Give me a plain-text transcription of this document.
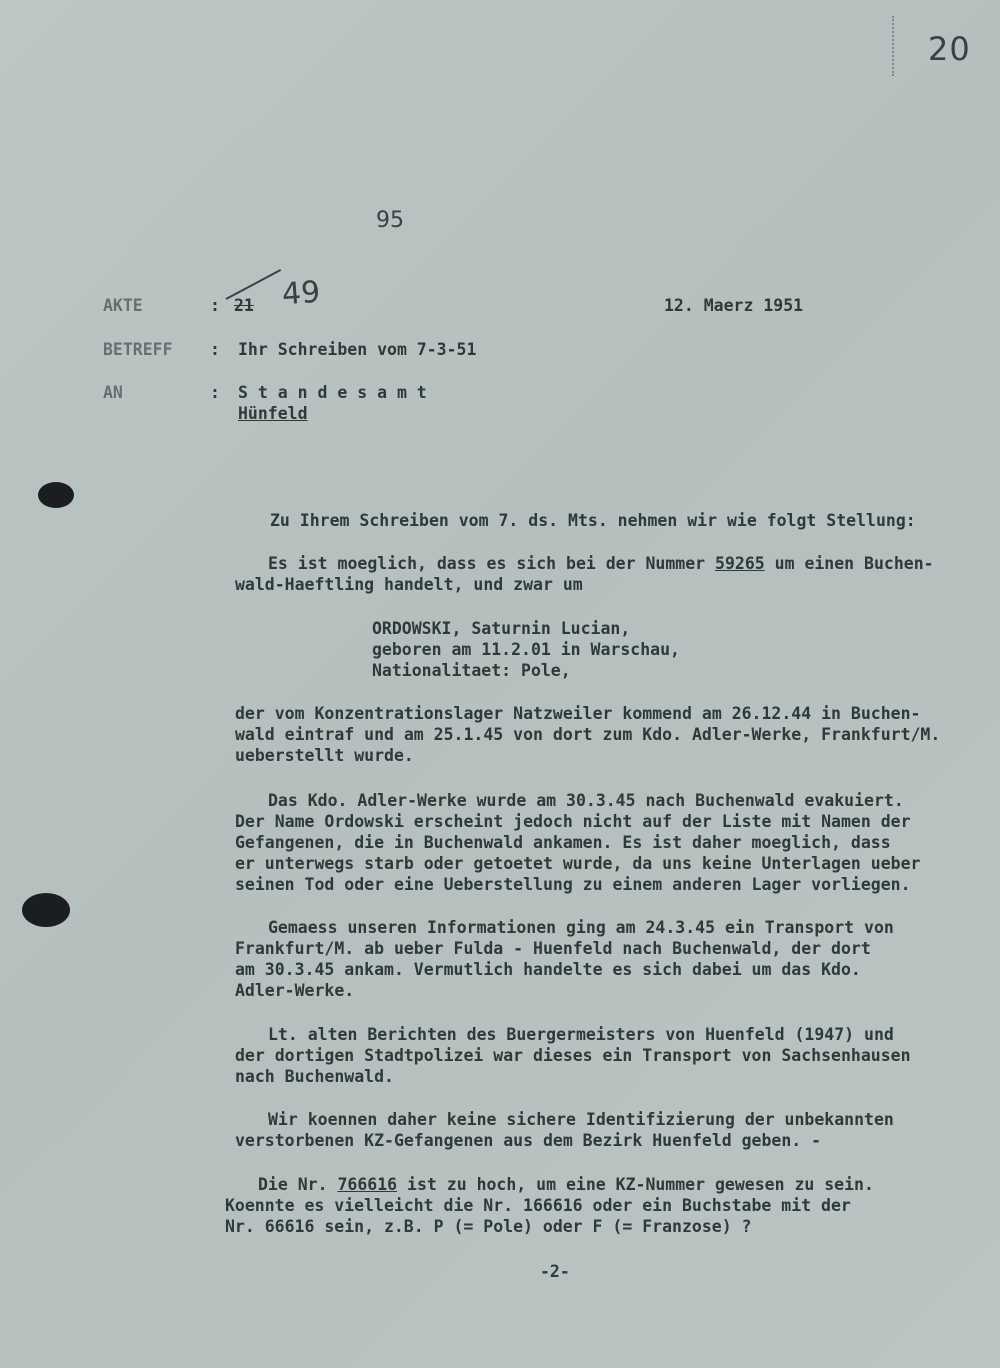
20
95
AKTE	: 21 49	12. Maerz 1951
BETREFF : Ihr Schreiben vom 7-3-51
AN	: S t a n d e s a m t
Hünfeld
Zu Ihrem Schreiben vom 7. ds. Mts. nehmen wir wie folgt Stellung:
Es ist moeglich, dass es sich bei der Nummer 59265 um einen Buchen-
wald-Haeftling handelt, und zwar um
ORDOWSKI, Saturnin Lucian,
geboren am 11.2.01 in Warschau,
Nationalitaet: Pole,
der vom Konzentrationslager Natzweiler kommend am 26.12.44 in Buchen-
wald eintraf und am 25.1.45 von dort zum Kdo. Adler-Werke, Frankfurt/M.
ueberstellt wurde.
Das Kdo. Adler-Werke wurde am 30.3.45 nach Buchenwald evakuiert.
Der Name Ordowski erscheint jedoch nicht auf der Liste mit Namen der
Gefangenen, die in Buchenwald ankamen. Es ist daher moeglich, dass
er unterwegs starb oder getoetet wurde, da uns keine Unterlagen ueber
seinen Tod oder eine Ueberstellung zu einem anderen Lager vorliegen.
Gemaess unseren Informationen ging am 24.3.45 ein Transport von
Frankfurt/M. ab ueber Fulda - Huenfeld nach Buchenwald, der dort
am 30.3.45 ankam. Vermutlich handelte es sich dabei um das Kdo.
Adler-Werke.
Lt. alten Berichten des Buergermeisters von Huenfeld (1947) und
der dortigen Stadtpolizei war dieses ein Transport von Sachsenhausen
nach Buchenwald.
Wir koennen daher keine sichere Identifizierung der unbekannten
verstorbenen KZ-Gefangenen aus dem Bezirk Huenfeld geben. -
Die Nr. 766616 ist zu hoch, um eine KZ-Nummer gewesen zu sein.
Koennte es vielleicht die Nr. 166616 oder ein Buchstabe mit der
Nr. 66616 sein, z.B. P (= Pole) oder F (= Franzose) ?
-2-
